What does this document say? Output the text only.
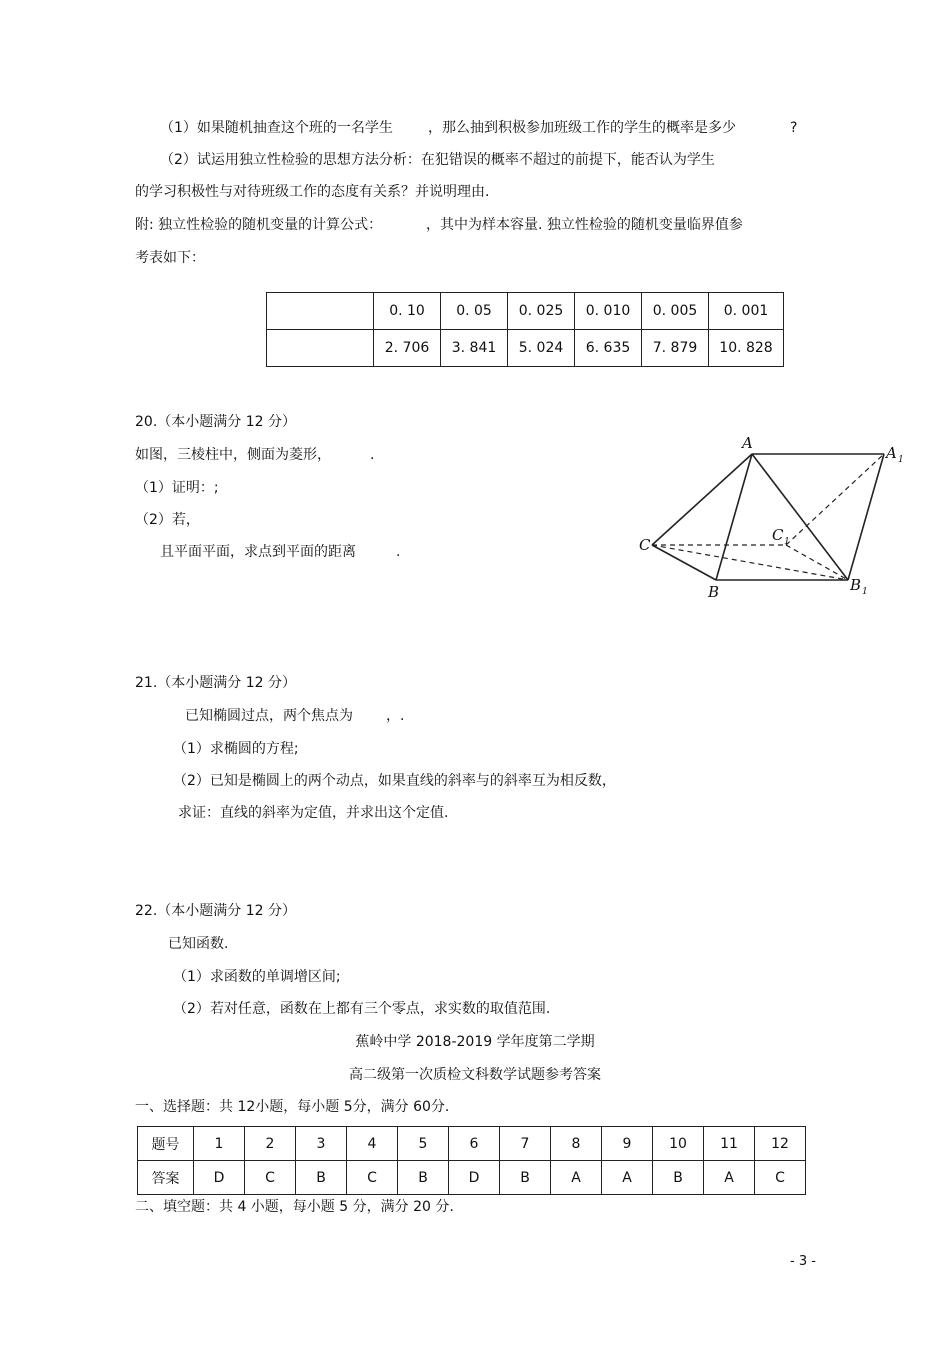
（1）如果随机抽查这个班的一名学生	，那么抽到积极参加班级工作的学生的概率是多少	?
（2）试运用独立性检验的思想方法分析：在犯错误的概率不超过的前提下，能否认为学生
的学习积极性与对待班级工作的态度有关系？并说明理由.
附: 独立性检验的随机变量的计算公式：	，其中为样本容量. 独立性检验的随机变量临界值参
考表如下：
	0. 10	0. 05	0. 025	0. 010	0. 005	0. 001
	2. 706	3. 841	5. 024	6. 635	7. 879	10. 828
20.（本小题满分 12 分）
如图，三棱柱中，侧面为菱形，	.
（1）证明：;
（2）若，
且平面平面，求点到平面的距离	.
A
A 1
C
C 1
B	B 1
21.（本小题满分 12 分）
已知椭圆过点，两个焦点为 ，.
（1）求椭圆的方程;
（2）已知是椭圆上的两个动点，如果直线的斜率与的斜率互为相反数，
求证：直线的斜率为定值，并求出这个定值.
22.（本小题满分 12 分）
已知函数.
（1）求函数的单调增区间;
（2）若对任意，函数在上都有三个零点，求实数的取值范围.
蕉岭中学 2018-2019 学年度第二学期
高二级第一次质检文科数学试题参考答案
一、选择题：共 12小题，每小题 5分，满分 60分.
题号	1	2	3	4	5	6	7	8	9	10	11	12
答案	D	C	B	C	B	D	B	A	A	B	A	C
二、填空题：共 4 小题，每小题 5 分，满分 20 分.
- 3 -
